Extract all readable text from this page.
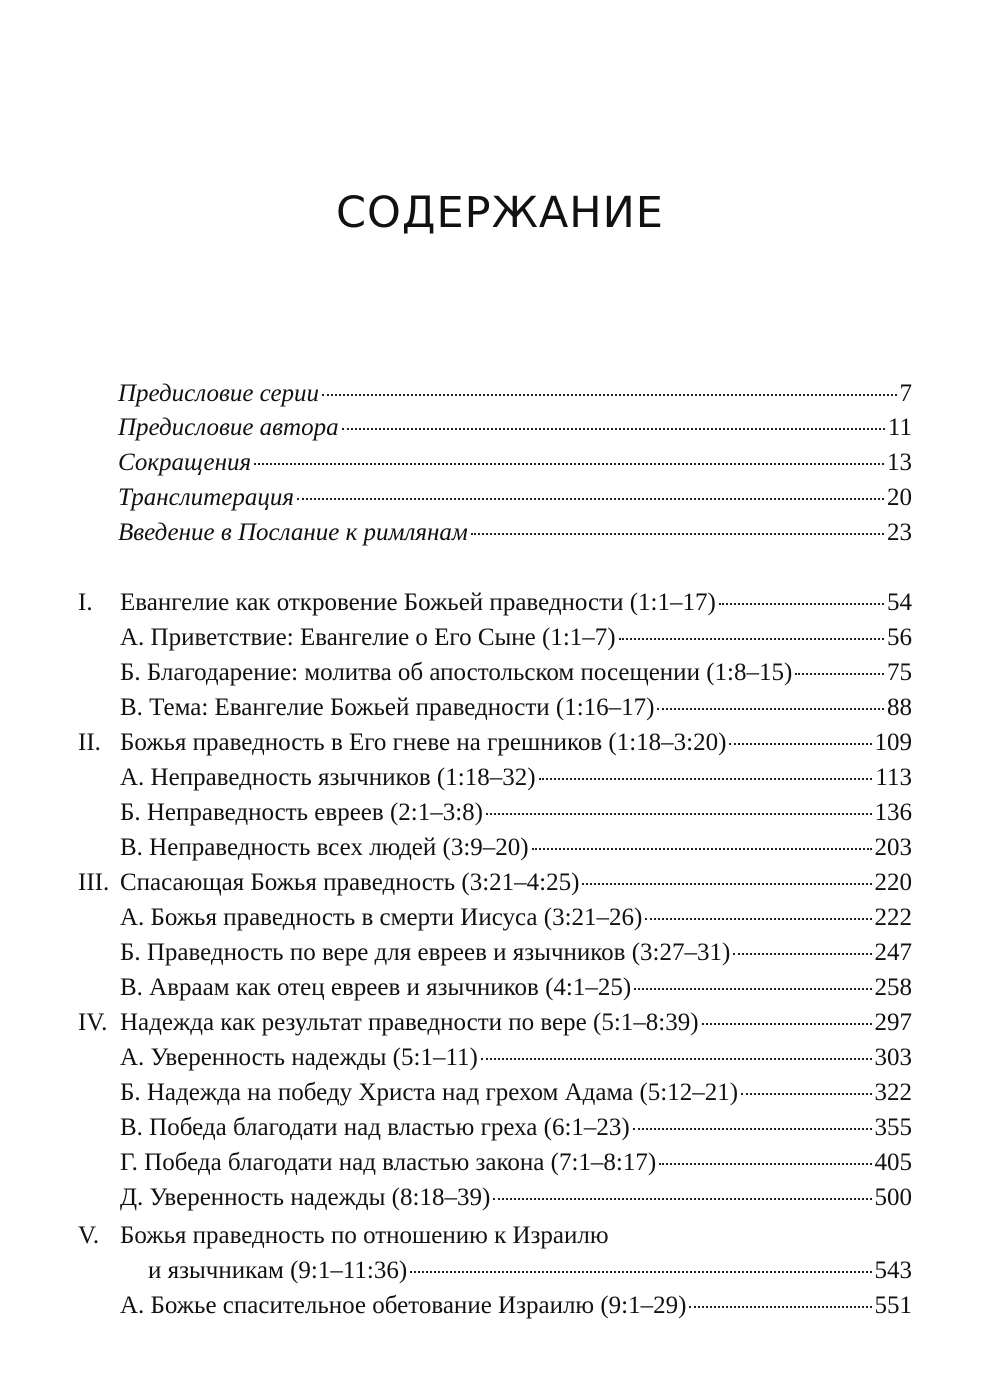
СОДЕРЖАНИЕ
Предисловие серии	7
Предисловие автора	11
Сокращения	13
Транслитерация	20
Введение в Послание к римлянам	23
I. Евангелие как откровение Божьей праведности (1:1–17)	54
А. Приветствие: Евангелие о Его Сыне (1:1–7)	56
Б. Благодарение: молитва об апостольском посещении (1:8–15)	75
В. Тема: Евангелие Божьей праведности (1:16–17)	88
II. Божья праведность в Его гневе на грешников (1:18–3:20)	109
А. Неправедность язычников (1:18–32)	113
Б. Неправедность евреев (2:1–3:8)	136
В. Неправедность всех людей (3:9–20)	203
III. Спасающая Божья праведность (3:21–4:25)	220
А. Божья праведность в смерти Иисуса (3:21–26)	222
Б. Праведность по вере для евреев и язычников (3:27–31)	247
В. Авраам как отец евреев и язычников (4:1–25)	258
IV. Надежда как результат праведности по вере (5:1–8:39)	297
А. Уверенность надежды (5:1–11)	303
Б. Надежда на победу Христа над грехом Адама (5:12–21)	322
В. Победа благодати над властью греха (6:1–23)	355
Г. Победа благодати над властью закона (7:1–8:17)	405
Д. Уверенность надежды (8:18–39)	500
V. Божья праведность по отношению к Израилю
и язычникам (9:1–11:36)	543
А. Божье спасительное обетование Израилю (9:1–29)	551
